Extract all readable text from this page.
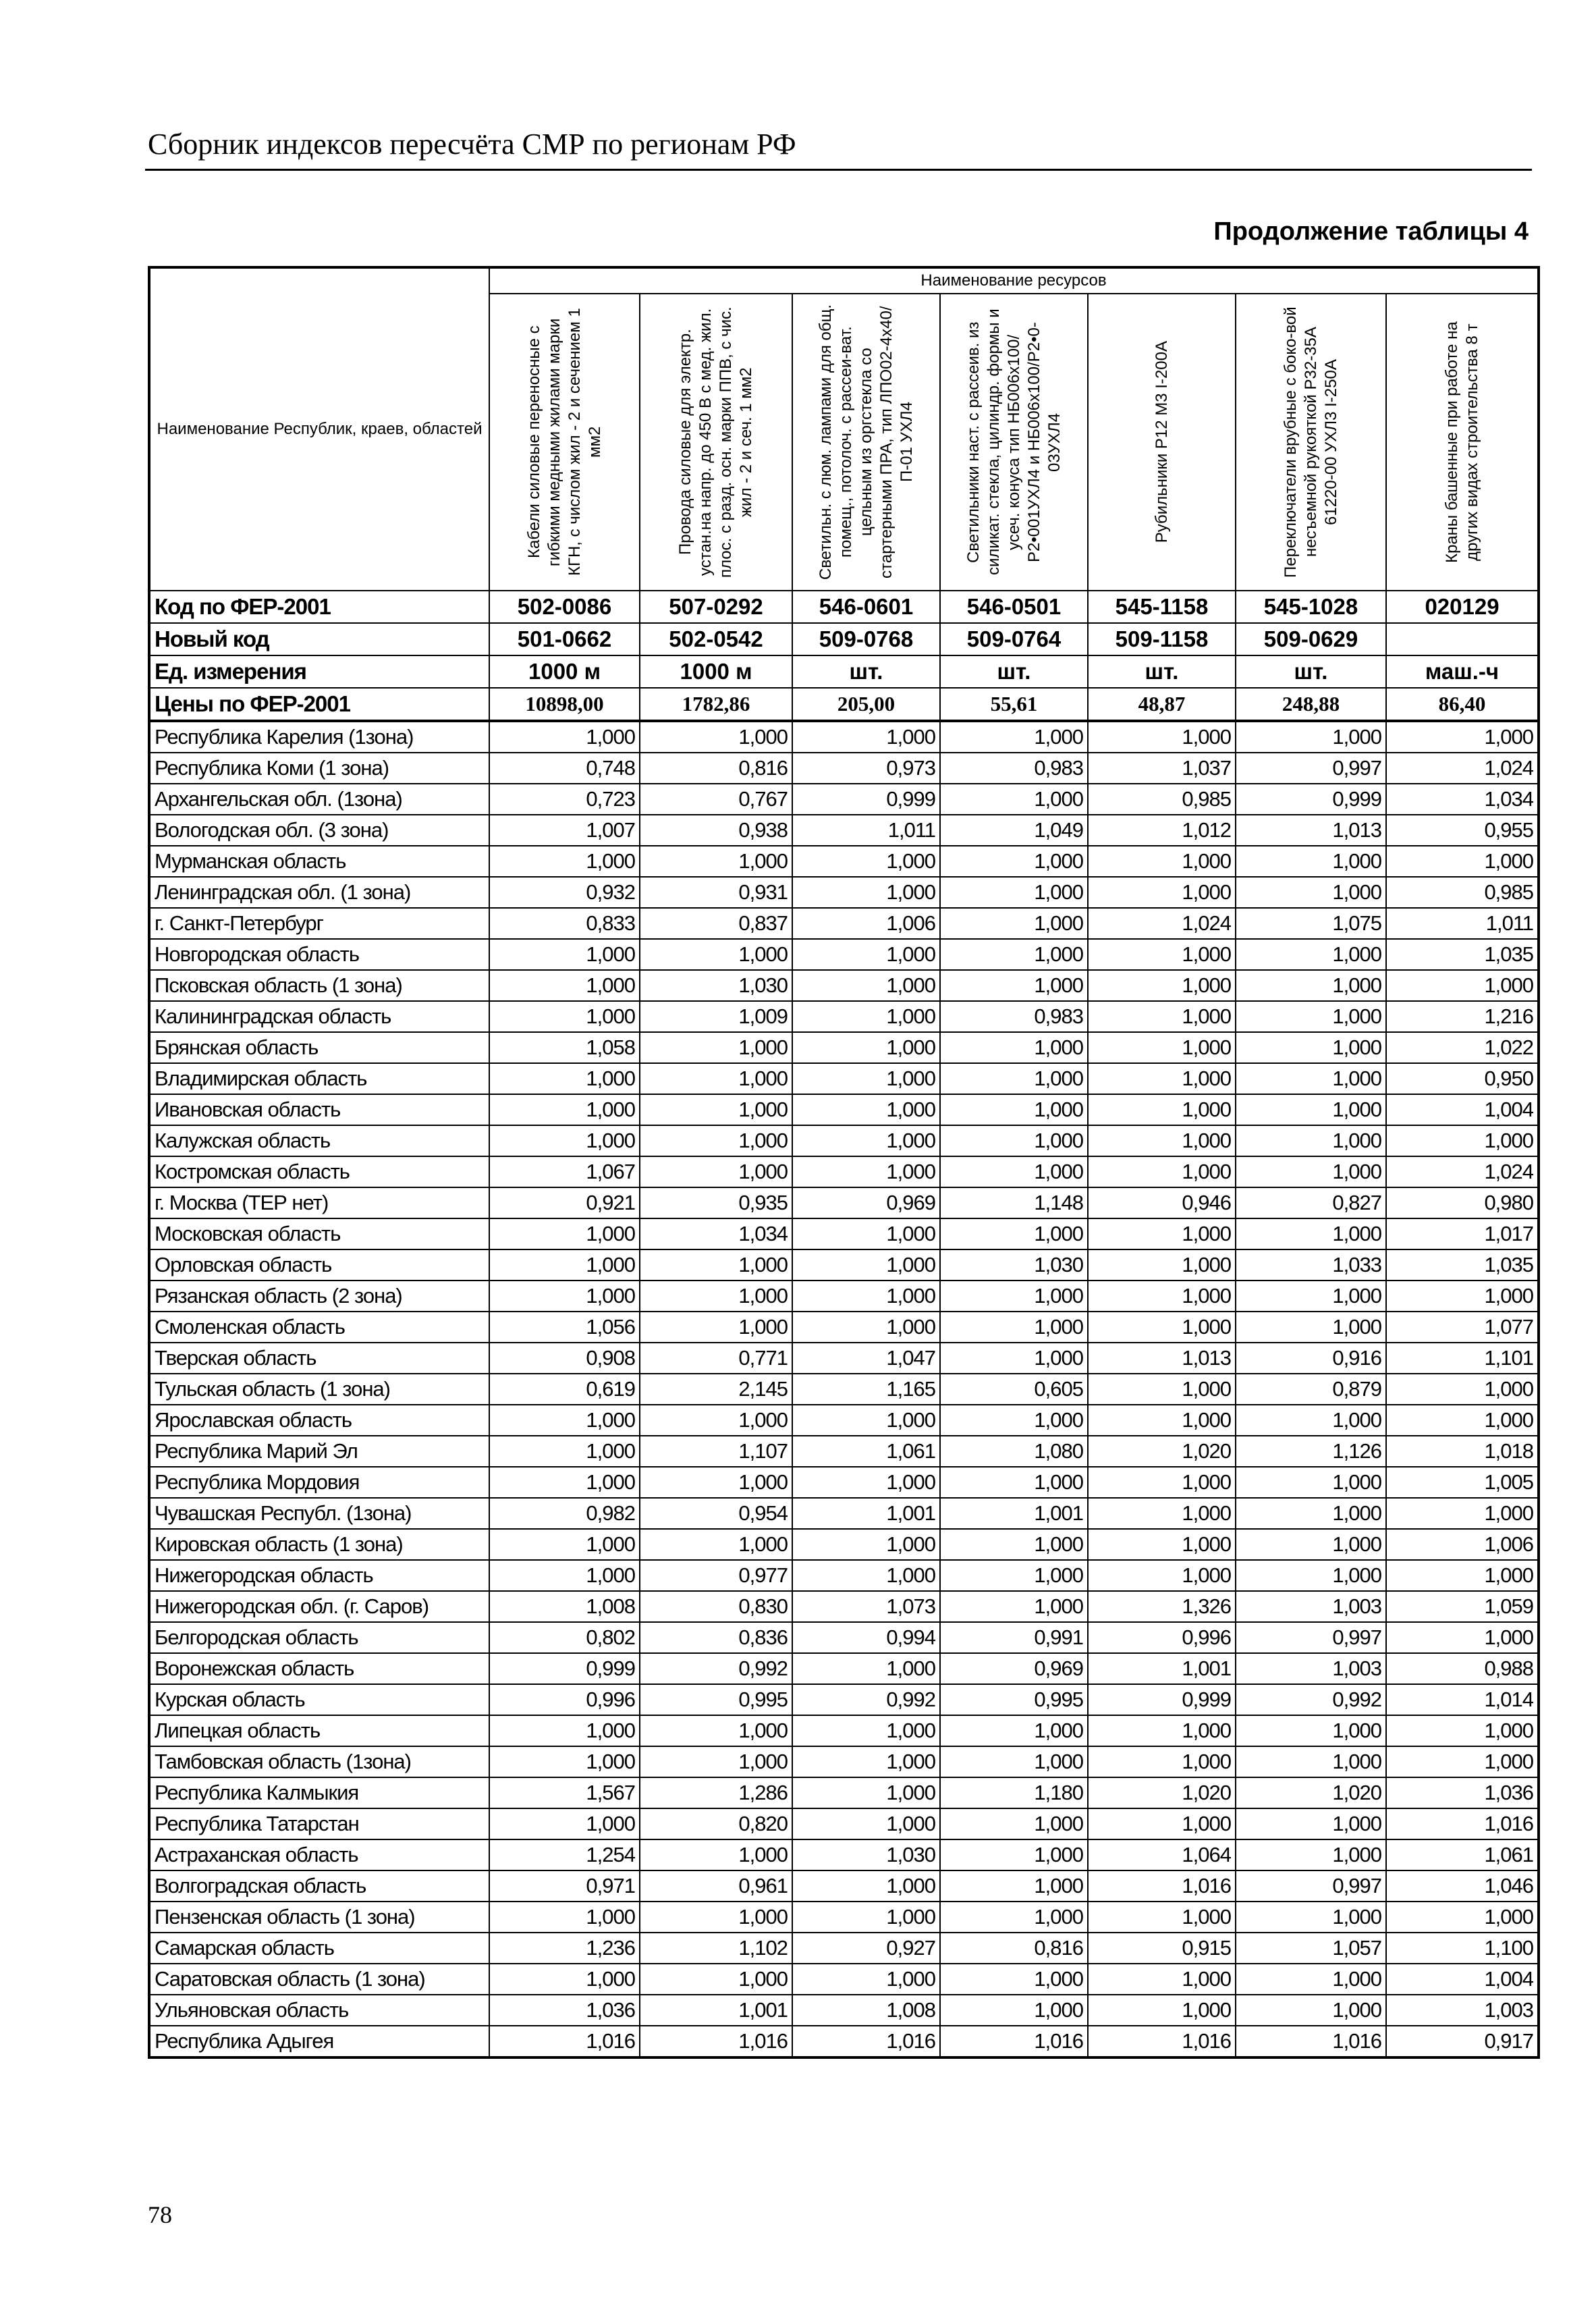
Сборник индексов пересчёта СМР по регионам РФ
Продолжение таблицы 4
Наименование Республик, краев, областей	Наименование ресурсов						

	Кабели силовые переносные с гибкими медными жилами марки КГН, с числом жил - 2 и сечением 1 мм2	Провода силовые для электр. устан.на напр. до 450 В с мед. жил. плос. с разд. осн. марки ППВ, с чис. жил - 2 и сеч. 1 мм2	Светильн. с люм. лампами для общ. помещ., потолоч. с рассеи-ват. цельным из оргстекла со стартерными ПРА, тип ЛПО02-4х40/П-01 УХЛ4	Светильники наст. с рассеив. из силикат. стекла, цилиндр. формы и усеч. конуса тип НБ006х100/Р2•001УХЛ4 и НБ006х100/Р2•0-03УХЛ4	Рубильники Р12 М3 I-200А	Переключатели врубные с боко-вой несъемной рукояткой Р32-35А 61220-00 УХЛ3 I-250А	Краны башенные при работе на других видах строительства 8 т

Код по ФЕР-2001	502-0086	507-0292	546-0601	546-0501	545-1158	545-1028	020129
Новый код	501-0662	502-0542	509-0768	509-0764	509-1158	509-0629	
Ед. измерения	1000 м	1000 м	шт.	шт.	шт.	шт.	маш.-ч
Цены по ФЕР-2001	10898,00	1782,86	205,00	55,61	48,87	248,88	86,40
Республика Карелия (1зона)	1,000	1,000	1,000	1,000	1,000	1,000	1,000
Республика Коми (1 зона)	0,748	0,816	0,973	0,983	1,037	0,997	1,024
Архангельская обл. (1зона)	0,723	0,767	0,999	1,000	0,985	0,999	1,034
Вологодская обл. (3 зона)	1,007	0,938	1,011	1,049	1,012	1,013	0,955
Мурманская область	1,000	1,000	1,000	1,000	1,000	1,000	1,000
Ленинградская обл. (1 зона)	0,932	0,931	1,000	1,000	1,000	1,000	0,985
г. Санкт-Петербург	0,833	0,837	1,006	1,000	1,024	1,075	1,011
Новгородская область	1,000	1,000	1,000	1,000	1,000	1,000	1,035
Псковская область (1 зона)	1,000	1,030	1,000	1,000	1,000	1,000	1,000
Калининградская область	1,000	1,009	1,000	0,983	1,000	1,000	1,216
Брянская область	1,058	1,000	1,000	1,000	1,000	1,000	1,022
Владимирская область	1,000	1,000	1,000	1,000	1,000	1,000	0,950
Ивановская область	1,000	1,000	1,000	1,000	1,000	1,000	1,004
Калужская область	1,000	1,000	1,000	1,000	1,000	1,000	1,000
Костромская область	1,067	1,000	1,000	1,000	1,000	1,000	1,024
г. Москва (ТЕР нет)	0,921	0,935	0,969	1,148	0,946	0,827	0,980
Московская область	1,000	1,034	1,000	1,000	1,000	1,000	1,017
Орловская область	1,000	1,000	1,000	1,030	1,000	1,033	1,035
Рязанская область (2 зона)	1,000	1,000	1,000	1,000	1,000	1,000	1,000
Смоленская область	1,056	1,000	1,000	1,000	1,000	1,000	1,077
Тверская область	0,908	0,771	1,047	1,000	1,013	0,916	1,101
Тульская область (1 зона)	0,619	2,145	1,165	0,605	1,000	0,879	1,000
Ярославская область	1,000	1,000	1,000	1,000	1,000	1,000	1,000
Республика Марий Эл	1,000	1,107	1,061	1,080	1,020	1,126	1,018
Республика Мордовия	1,000	1,000	1,000	1,000	1,000	1,000	1,005
Чувашская Республ. (1зона)	0,982	0,954	1,001	1,001	1,000	1,000	1,000
Кировская область (1 зона)	1,000	1,000	1,000	1,000	1,000	1,000	1,006
Нижегородская область	1,000	0,977	1,000	1,000	1,000	1,000	1,000
Нижегородская обл. (г. Саров)	1,008	0,830	1,073	1,000	1,326	1,003	1,059
Белгородская область	0,802	0,836	0,994	0,991	0,996	0,997	1,000
Воронежская область	0,999	0,992	1,000	0,969	1,001	1,003	0,988
Курская область	0,996	0,995	0,992	0,995	0,999	0,992	1,014
Липецкая область	1,000	1,000	1,000	1,000	1,000	1,000	1,000
Тамбовская область (1зона)	1,000	1,000	1,000	1,000	1,000	1,000	1,000
Республика Калмыкия	1,567	1,286	1,000	1,180	1,020	1,020	1,036
Республика Татарстан	1,000	0,820	1,000	1,000	1,000	1,000	1,016
Астраханская область	1,254	1,000	1,030	1,000	1,064	1,000	1,061
Волгоградская область	0,971	0,961	1,000	1,000	1,016	0,997	1,046
Пензенская область (1 зона)	1,000	1,000	1,000	1,000	1,000	1,000	1,000
Самарская область	1,236	1,102	0,927	0,816	0,915	1,057	1,100
Саратовская область (1 зона)	1,000	1,000	1,000	1,000	1,000	1,000	1,004
Ульяновская область	1,036	1,001	1,008	1,000	1,000	1,000	1,003
Республика Адыгея	1,016	1,016	1,016	1,016	1,016	1,016	0,917
78
